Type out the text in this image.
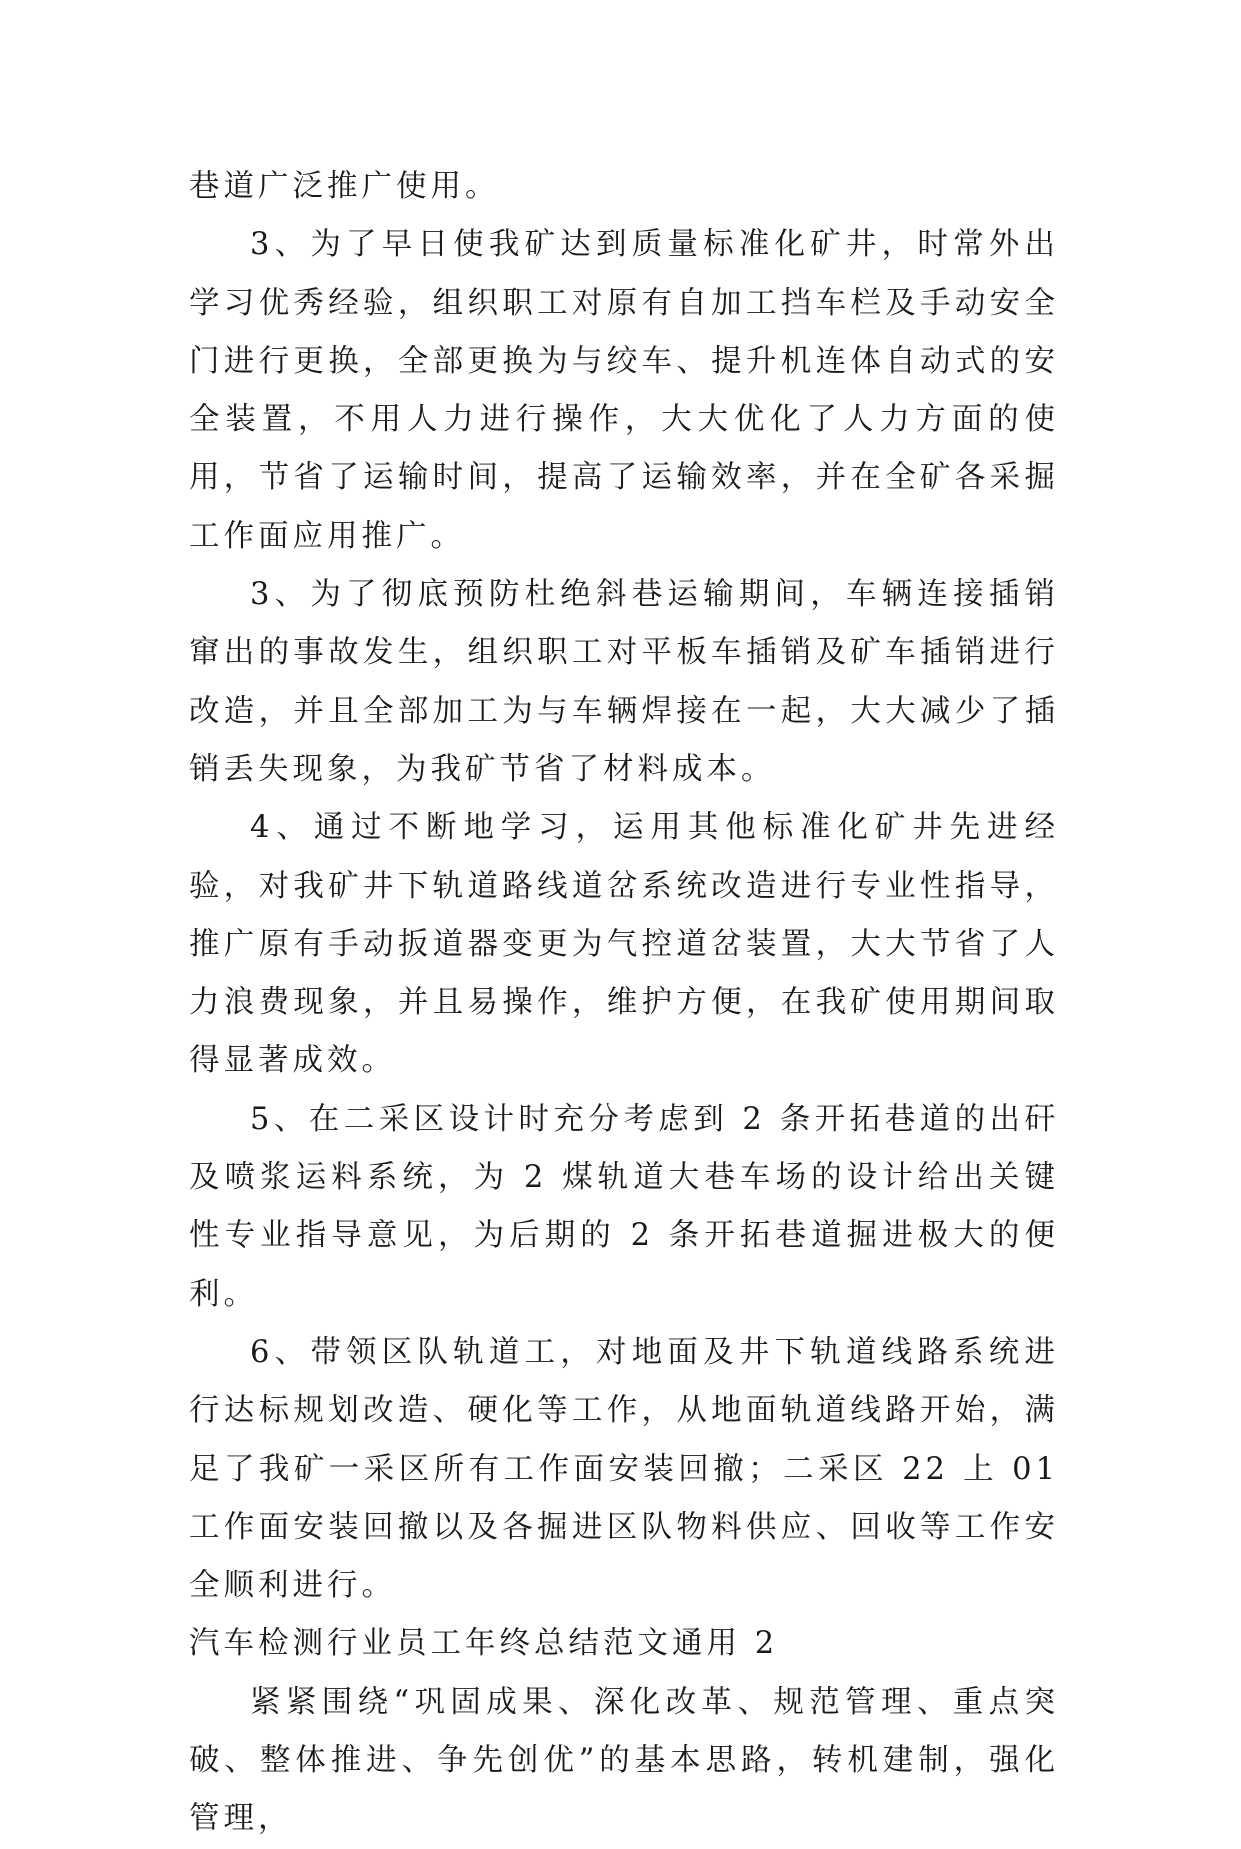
巷道广泛推广使用。

3、为了早日使我矿达到质量标准化矿井，时常外出学习优秀经验，组织职工对原有自加工挡车栏及手动安全门进行更换，全部更换为与绞车、提升机连体自动式的安全装置，不用人力进行操作，大大优化了人力方面的使用，节省了运输时间，提高了运输效率，并在全矿各采掘工作面应用推广。

3、为了彻底预防杜绝斜巷运输期间，车辆连接插销窜出的事故发生，组织职工对平板车插销及矿车插销进行改造，并且全部加工为与车辆焊接在一起，大大减少了插销丢失现象，为我矿节省了材料成本。

4、通过不断地学习，运用其他标准化矿井先进经验，对我矿井下轨道路线道岔系统改造进行专业性指导，推广原有手动扳道器变更为气控道岔装置，大大节省了人力浪费现象，并且易操作，维护方便，在我矿使用期间取得显著成效。

5、在二采区设计时充分考虑到 2 条开拓巷道的出矸及喷浆运料系统，为 2 煤轨道大巷车场的设计给出关键性专业指导意见，为后期的 2 条开拓巷道掘进极大的便利。

6、带领区队轨道工，对地面及井下轨道线路系统进行达标规划改造、硬化等工作，从地面轨道线路开始，满足了我矿一采区所有工作面安装回撤；二采区 22 上 01 工作面安装回撤以及各掘进区队物料供应、回收等工作安全顺利进行。

汽车检测行业员工年终总结范文通用 2

紧紧围绕“巩固成果、深化改革、规范管理、重点突破、整体推进、争先创优”的基本思路，转机建制，强化管理，
